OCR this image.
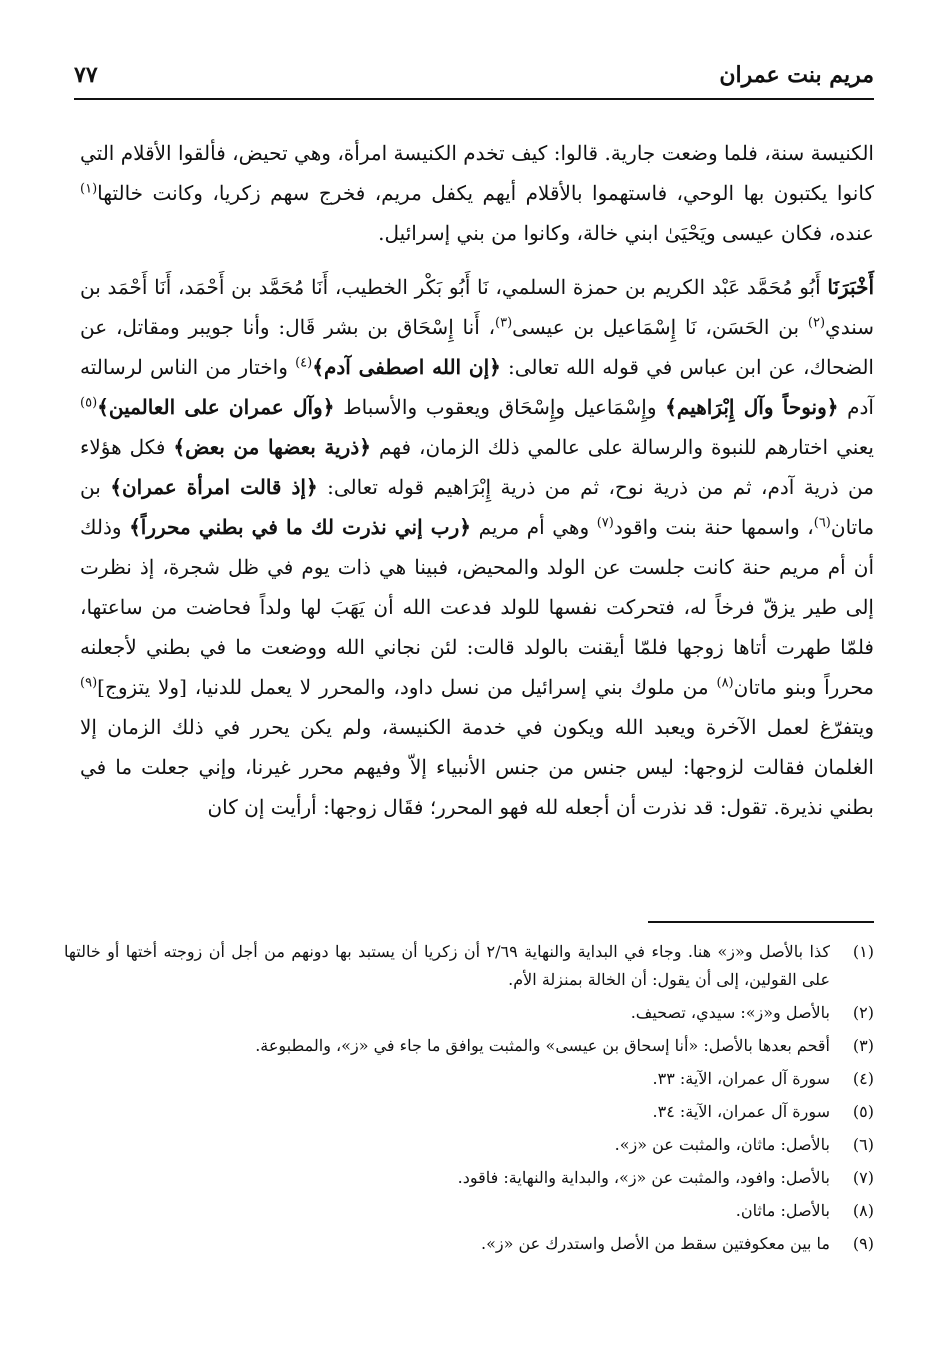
مريم بنت عمران
٧٧

الكنيسة سنة، فلما وضعت جارية. قالوا: كيف تخدم الكنيسة امرأة، وهي تحيض، فألقوا الأقلام التي كانوا يكتبون بها الوحي، فاستهموا بالأقلام أيهم يكفل مريم، فخرج سهم زكريا، وكانت خالتها$^{(١)}$ عنده، فكان عيسى ويَحْيَىٰ ابني خالة، وكانوا من بني إسرائيل.

أَخْبَرَنَا أَبُو مُحَمَّد عَبْد الكريم بن حمزة السلمي، نَا أَبُو بَكْر الخطيب، أَنَا مُحَمَّد بن أَحْمَد، أَنَا أَحْمَد بن سندي$^{(٢)}$ بن الحَسَن، نَا إِسْمَاعيل بن عيسى$^{(٣)}$، أَنا إِسْحَاق بن بشر قَال: وأنا جويبر ومقاتل، عن الضحاك، عن ابن عباس في قوله الله تعالى: ﴿إن الله اصطفى آدم﴾$^{(٤)}$ واختار من الناس لرسالته آدم ﴿ونوحاً وآل إِبْرَاهيم﴾ وإِسْمَاعيل وإِسْحَاق ويعقوب والأسباط ﴿وآل عمران على العالمين﴾$^{(٥)}$ يعني اختارهم للنبوة والرسالة على عالمي ذلك الزمان، فهم ﴿ذرية بعضها من بعض﴾ فكل هؤلاء من ذرية آدم، ثم من ذرية نوح، ثم من ذرية إِبْرَاهيم قوله تعالى: ﴿إذ قالت امرأة عمران﴾ بن ماتان$^{(٦)}$، واسمها حنة بنت واقود$^{(٧)}$ وهي أم مريم ﴿رب إني نذرت لك ما في بطني محرراً﴾ وذلك أن أم مريم حنة كانت جلست عن الولد والمحيض، فبينا هي ذات يوم في ظل شجرة، إذ نظرت إلى طير يزقّ فرخاً له، فتحركت نفسها للولد فدعت الله أن يَهَبَ لها ولداً فحاضت من ساعتها، فلمّا طهرت أتاها زوجها فلمّا أيقنت بالولد قالت: لئن نجاني الله ووضعت ما في بطني لأجعلنه محرراً وبنو ماتان$^{(٨)}$ من ملوك بني إسرائيل من نسل داود، والمحرر لا يعمل للدنيا، [ولا يتزوج]$^{(٩)}$ ويتفرّغ لعمل الآخرة ويعبد الله ويكون في خدمة الكنيسة، ولم يكن يحرر في ذلك الزمان إلا الغلمان فقالت لزوجها: ليس جنس من جنس الأنبياء إلاّ وفيهم محرر غيرنا، وإني جعلت ما في بطني نذيرة. تقول: قد نذرت أن أجعله لله فهو المحرر؛ فقَال زوجها: أرأيت إن كان

(١)
كذا بالأصل و«ز» هنا. وجاء في البداية والنهاية ٢/٦٩ أن زكريا أن يستبد بها دونهم من أجل أن زوجته أختها أو خالتها على القولين، إلى أن يقول: أن الخالة بمنزلة الأم.
(٢)
بالأصل و«ز»: سيدي، تصحيف.
(٣)
أقحم بعدها بالأصل: «أنا إسحاق بن عيسى» والمثبت يوافق ما جاء في «ز»، والمطبوعة.
(٤)
سورة آل عمران، الآية: ٣٣.
(٥)
سورة آل عمران، الآية: ٣٤.
(٦)
بالأصل: ماثان، والمثبت عن «ز».
(٧)
بالأصل: وافود، والمثبت عن «ز»، والبداية والنهاية: فاقود.
(٨)
بالأصل: ماثان.
(٩)
ما بين معكوفتين سقط من الأصل واستدرك عن «ز».
